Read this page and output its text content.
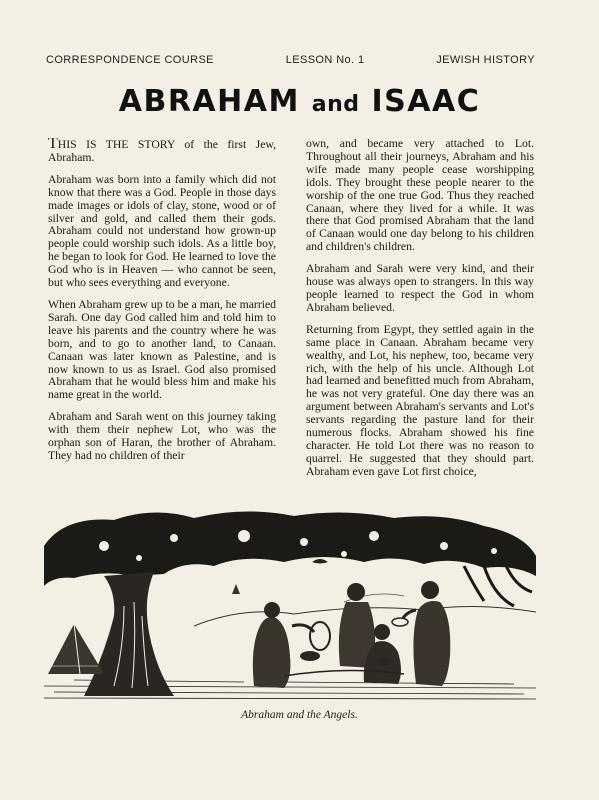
CORRESPONDENCE COURSE	LESSON No. 1	JEWISH HISTORY
ABRAHAM and ISAAC

THIS IS THE STORY of the first Jew, Abraham.

Abraham was born into a family which did not know that there was a God. People in those days made images or idols of clay, stone, wood or of silver and gold, and called them their gods. Abraham could not understand how grown-up people could worship such idols. As a little boy, he began to look for God. He learned to love the God who is in Heaven — who cannot be seen, but who sees everything and everyone.

When Abraham grew up to be a man, he married Sarah. One day God called him and told him to leave his parents and the country where he was born, and to go to another land, to Canaan. Canaan was later known as Palestine, and is now known to us as Israel. God also promised Abraham that he would bless him and make his name great in the world.

Abraham and Sarah went on this journey taking with them their nephew Lot, who was the orphan son of Haran, the brother of Abraham. They had no children of their

own, and became very attached to Lot. Throughout all their journeys, Abraham and his wife made many people cease worshipping idols. They brought these people nearer to the worship of the one true God. Thus they reached Canaan, where they lived for a while. It was there that God promised Abraham that the land of Canaan would one day belong to his children and children's children.

Abraham and Sarah were very kind, and their house was always open to strangers. In this way people learned to respect the God in whom Abraham believed.

Returning from Egypt, they settled again in the same place in Canaan. Abraham became very wealthy, and Lot, his nephew, too, became very rich, with the help of his uncle. Although Lot had learned and benefitted much from Abraham, he was not very grateful. One day there was an argument between Abraham's servants and Lot's servants regarding the pasture land for their numerous flocks. Abraham showed his fine character. He told Lot there was no reason to quarrel. He suggested that they should part. Abraham even gave Lot first choice,

Abraham and the Angels.
